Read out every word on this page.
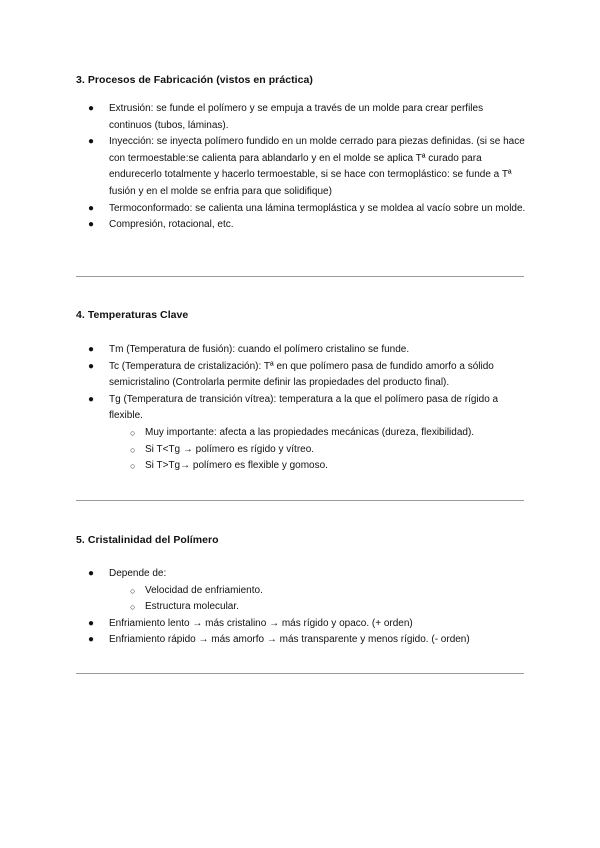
3. Procesos de Fabricación (vistos en práctica)

● Extrusión: se funde el polímero y se empuja a través de un molde para crear perfiles continuos (tubos, láminas).
● Inyección: se inyecta polímero fundido en un molde cerrado para piezas definidas. (si se hace con termoestable:se calienta para ablandarlo y en el molde se aplica Tª curado para endurecerlo totalmente y hacerlo termoestable, si se hace con termoplástico: se funde a Tª fusión y en el molde se enfria para que solidifique)
● Termoconformado: se calienta una lámina termoplástica y se moldea al vacío sobre un molde.
● Compresión, rotacional, etc.

4. Temperaturas Clave

● Tm (Temperatura de fusión): cuando el polímero cristalino se funde.
● Tc (Temperatura de cristalización): Tª en que polímero pasa de fundido amorfo a sólido semicristalino (Controlarla permite definir las propiedades del producto final).
● Tg (Temperatura de transición vítrea): temperatura a la que el polímero pasa de rígido a flexible.
○ Muy importante: afecta a las propiedades mecánicas (dureza, flexibilidad).
○ Si T<Tg → polímero es rígido y vítreo.
○ Si T>Tg→ polímero es flexible y gomoso.

5. Cristalinidad del Polímero

● Depende de:
○ Velocidad de enfriamiento.
○ Estructura molecular.
● Enfriamiento lento → más cristalino → más rígido y opaco. (+ orden)
● Enfriamiento rápido → más amorfo → más transparente y menos rígido. (- orden)
